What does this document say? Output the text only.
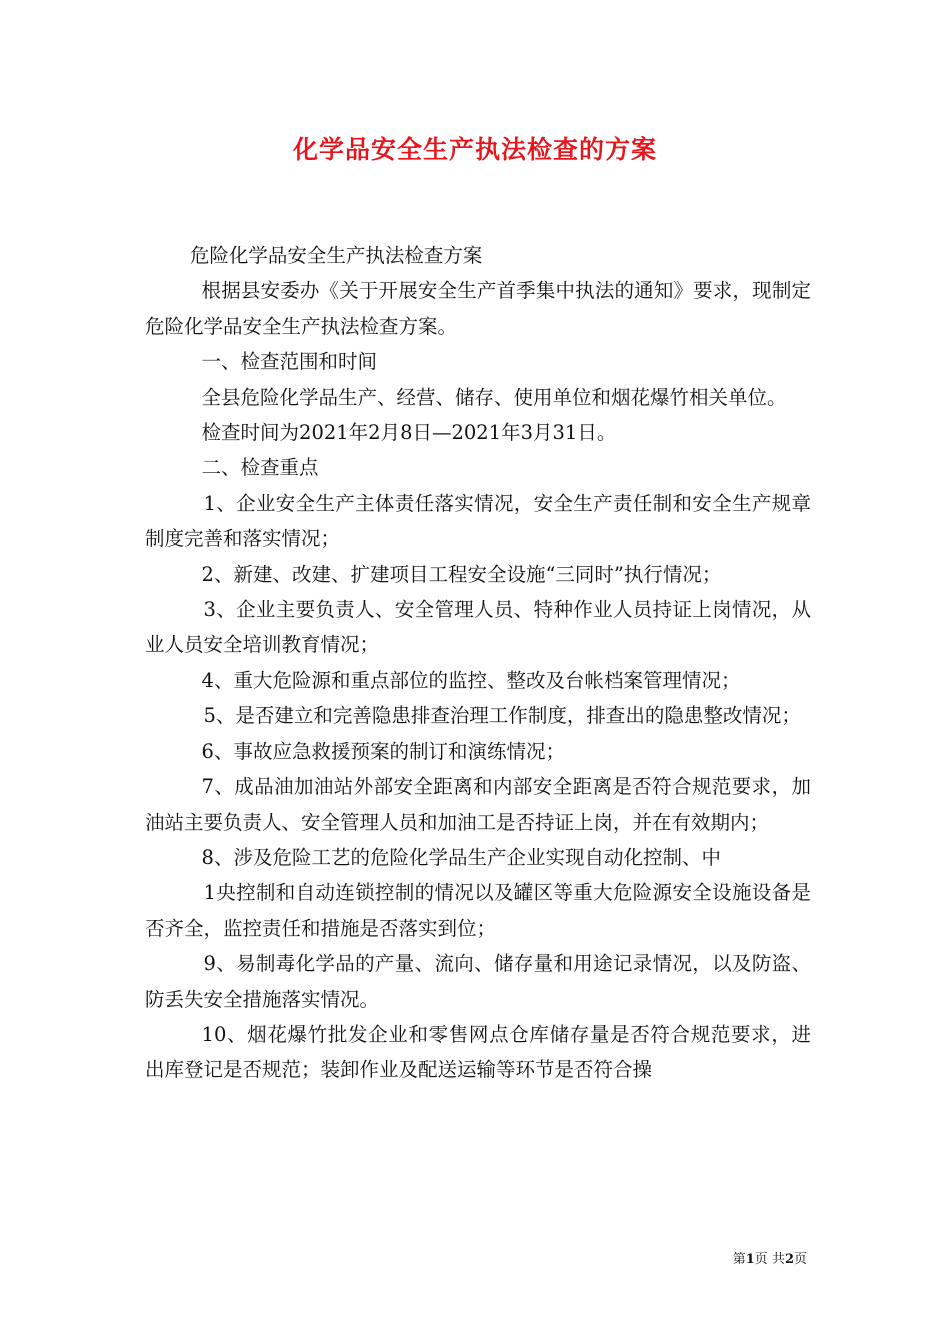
化学品安全生产执法检查的方案

危险化学品安全生产执法检查方案

根据县安委办《关于开展安全生产首季集中执法的通知》要求，现制定危险化学品安全生产执法检查方案。

一、检查范围和时间

全县危险化学品生产、经营、储存、使用单位和烟花爆竹相关单位。

检查时间为2021年2月8日—2021年3月31日。

二、检查重点

1、企业安全生产主体责任落实情况，安全生产责任制和安全生产规章制度完善和落实情况；

2、新建、改建、扩建项目工程安全设施“三同时”执行情况；

3、企业主要负责人、安全管理人员、特种作业人员持证上岗情况，从业人员安全培训教育情况；

4、重大危险源和重点部位的监控、整改及台帐档案管理情况；

5、是否建立和完善隐患排查治理工作制度，排查出的隐患整改情况；

6、事故应急救援预案的制订和演练情况；

7、成品油加油站外部安全距离和内部安全距离是否符合规范要求，加油站主要负责人、安全管理人员和加油工是否持证上岗，并在有效期内；

8、涉及危险工艺的危险化学品生产企业实现自动化控制、中

1央控制和自动连锁控制的情况以及罐区等重大危险源安全设施设备是否齐全，监控责任和措施是否落实到位；

9、易制毒化学品的产量、流向、储存量和用途记录情况，以及防盗、防丢失安全措施落实情况。

10、烟花爆竹批发企业和零售网点仓库储存量是否符合规范要求，进出库登记是否规范；装卸作业及配送运输等环节是否符合操

第1页 共2页
